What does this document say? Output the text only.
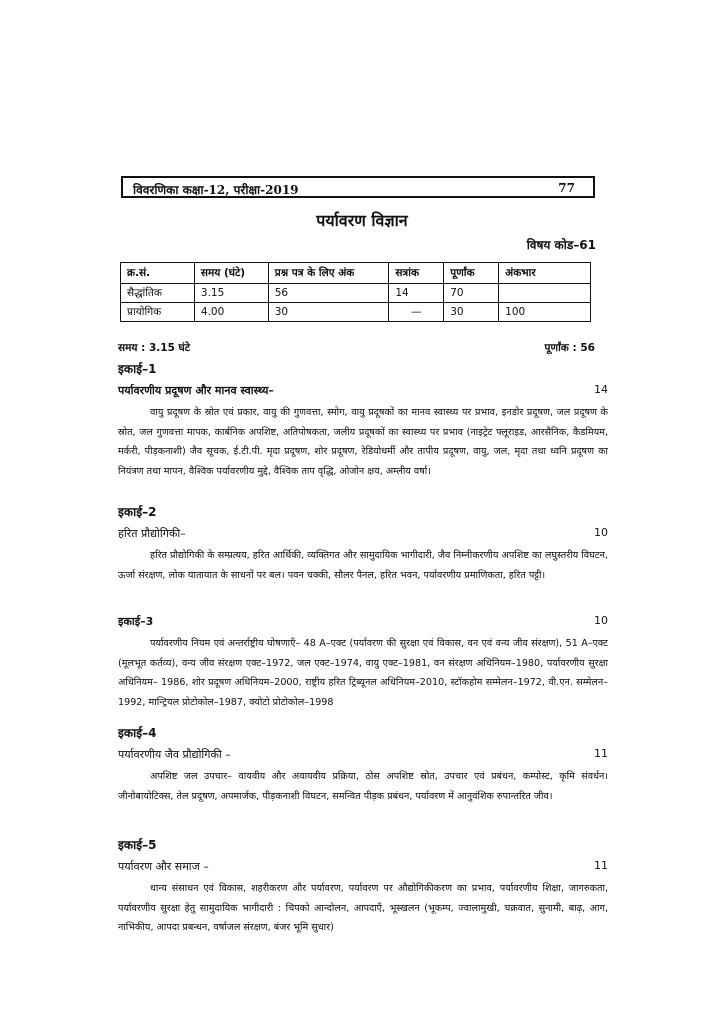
विवरणिका कक्षा-12, परीक्षा-2019	77
पर्यावरण विज्ञान
विषय कोड–61
क्र.सं.	समय (घंटे)	प्रश्न पत्र के लिए अंक	सत्रांक	पूर्णांक	अंकभार
सैद्धांतिक	3.15	56	14	70	
प्रायोगिक	4.00	30	—	30	100
समय : 3.15 घंटे	पूर्णांक : 56
इकाई–1
पर्यावरणीय प्रदूषण और मानव स्वास्थ्य–	14

वायु प्रदूषण के स्रोत एवं प्रकार, वायु की गुणवत्ता, स्मोग, वायु प्रदूषकों का मानव स्वास्थ्य पर प्रभाव, इनडोर प्रदूषण, जल प्रदूषण के स्रोत, जल गुणवत्ता मापक, कार्बनिक अपशिष्ट, अतिपोषकता, जलीय प्रदूषकों का स्वास्थ्य पर प्रभाव (नाइट्रेट फ्लूराइड, आरसैनिक, कैडमियम, मर्करी, पीड़कनाशी) जैव सूचक, ई.टी.पी. मृदा प्रदूषण, शोर प्रदूषण, रेडियोधर्मी और तापीय प्रदूषण, वायु, जल, मृदा तथा ध्वनि प्रदूषण का नियंत्रण तथा मापन, वैश्विक पर्यावरणीय मुद्दे, वैश्विक ताप वृद्धि, ओजोन क्षय, अम्लीय वर्षा।

इकाई–2
हरित प्रौद्योगिकी–	10

हरित प्रौद्योगिकी के सम्प्रत्यय, हरित आर्थिकी, व्यक्तिगत और सामुदायिक भागीदारी, जैव निम्नीकरणीय अपशिष्ट का लघुस्तरीय विघटन, ऊर्जा संरक्षण, लोक यातायात के साधनों पर बल। पवन चक्की, सौलर पैनल, हरित भवन, पर्यावरणीय प्रमाणिकता, हरित पट्टी।

इकाई–3	10

पर्यावरणीय नियम एवं अन्तर्राष्ट्रीय घोषणाएँ– 48 A–एक्ट (पर्यावरण की सुरक्षा एवं विकास, वन एवं वन्य जीव संरक्षण), 51 A–एक्ट (मूलभूत कर्तव्य), वन्य जीव संरक्षण एक्ट–1972, जल एक्ट–1974, वायु एक्ट–1981, वन संरक्षण अधिनियम–1980, पर्यावरणीय सुरक्षा अधिनियम– 1986, शोर प्रदूषण अधिनियम–2000, राष्ट्रीय हरित ट्रिब्यूनल अधिनियम–2010, स्टॉकहोम सम्मेलन–1972, वी.एन. सम्मेलन–1992, मान्ट्रियल प्रोटोकोल–1987, क्योटो प्रोटोकोल–1998

इकाई–4
पर्यावरणीय जैव प्रौद्योगिकी –	11

अपशिष्ट जल उपचार– वायवीय और अवायवीय प्रक्रिया, ठोस अपशिष्ट स्रोत, उपचार एवं प्रबंधन, कम्पोस्ट, कृमि संवर्धन। जीनोबायोटिक्स, तेल प्रदूषण, अपमार्जक, पीड़कनाशी विघटन, समन्वित पीड़क प्रबंधन, पर्यावरण में आनुवंशिक रुपान्तरित जीव।

इकाई–5
पर्यावरण और समाज –	11

धान्य संसाधन एवं विकास, शहरीकरण और पर्यावरण, पर्यावरण पर औद्योगिकीकरण का प्रभाव, पर्यावरणीय शिक्षा, जागरुकता, पर्यावरणीय सुरक्षा हेतु सामुदायिक भागीदारी : चिपको आन्दोलन, आपदाएँ, भूस्खलन (भूकम्प, ज्वालामुखी, चक्रवात, सुनामी, बाढ़, आग, नाभिकीय, आपदा प्रबन्धन, वर्षाजल संरक्षण, बंजर भूमि सुधार)
